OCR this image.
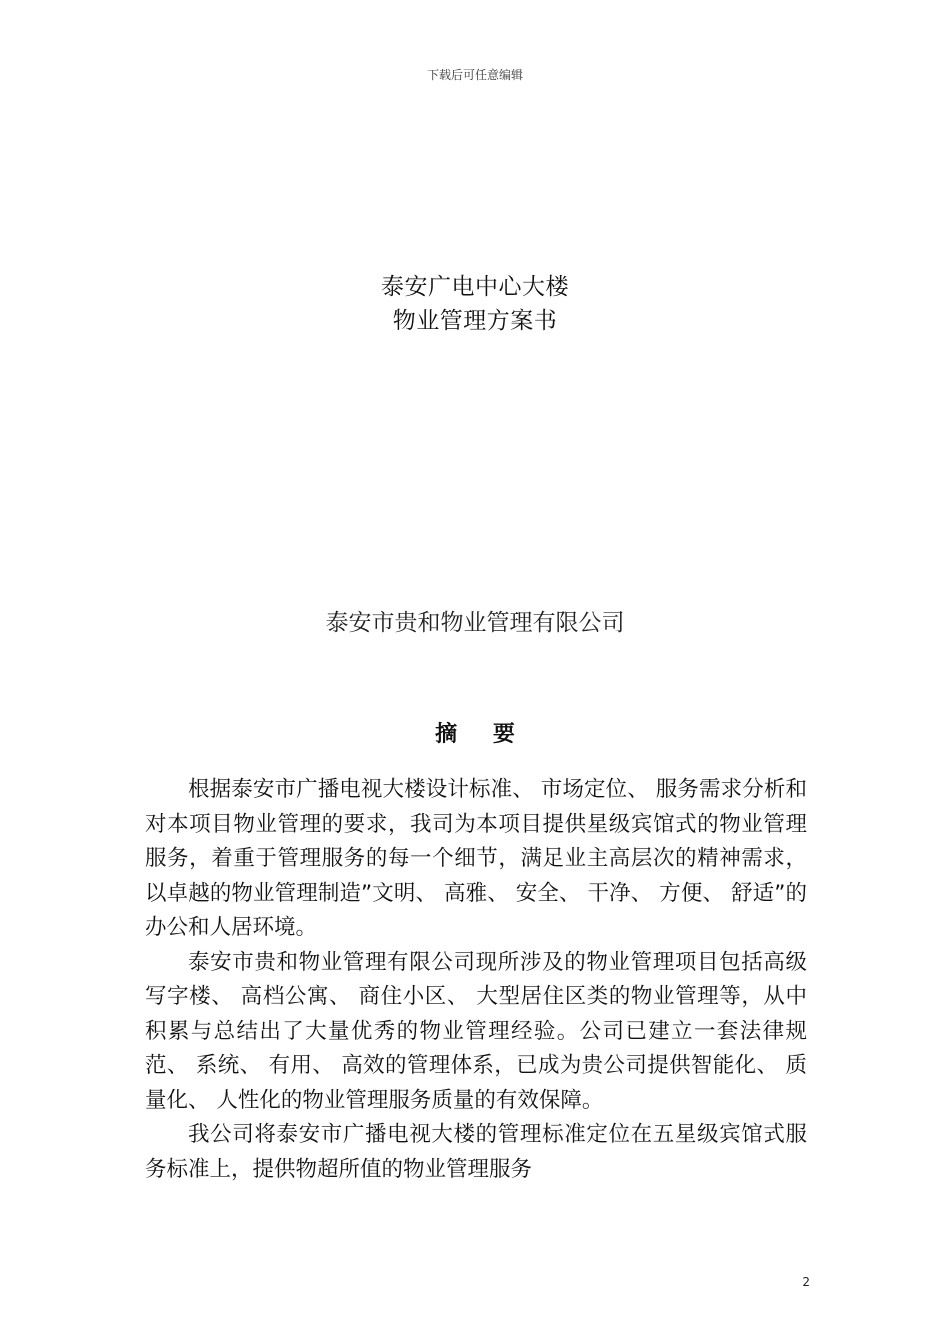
下载后可任意编辑
泰安广电中心大楼
物业管理方案书
泰安市贵和物业管理有限公司
摘 要

根据泰安市广播电视大楼设计标准、 市场定位、 服务需求分析和对本项目物业管理的要求，我司为本项目提供星级宾馆式的物业管理服务，着重于管理服务的每一个细节，满足业主高层次的精神需求，以卓越的物业管理制造”文明、 高雅、 安全、 干净、 方便、 舒适”的办公和人居环境。

泰安市贵和物业管理有限公司现所涉及的物业管理项目包括高级写字楼、 高档公寓、 商住小区、 大型居住区类的物业管理等，从中积累与总结出了大量优秀的物业管理经验。公司已建立一套法律规范、 系统、 有用、 高效的管理体系，已成为贵公司提供智能化、 质量化、 人性化的物业管理服务质量的有效保障。

我公司将泰安市广播电视大楼的管理标准定位在五星级宾馆式服务标准上，提供物超所值的物业管理服务

2
